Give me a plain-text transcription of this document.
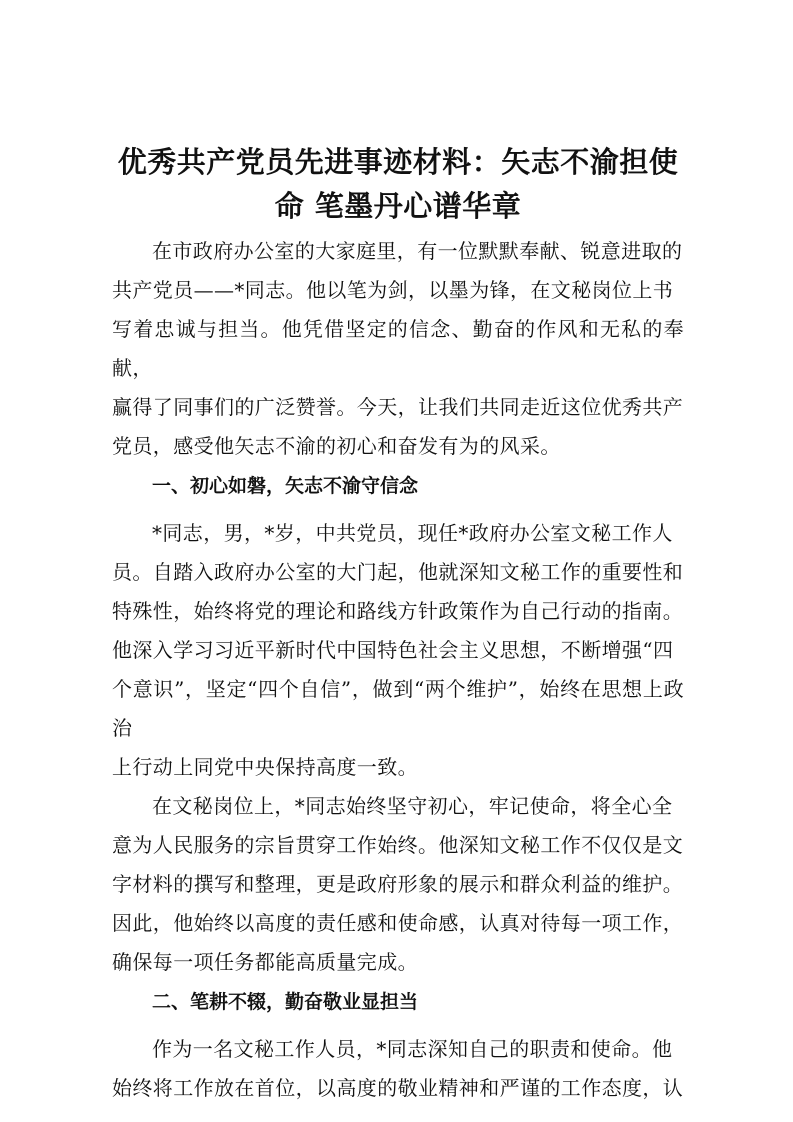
优秀共产党员先进事迹材料：矢志不渝担使
命 笔墨丹心谱华章

在市政府办公室的大家庭里，有一位默默奉献、锐意进取的
共产党员——*同志。他以笔为剑，以墨为锋，在文秘岗位上书
写着忠诚与担当。他凭借坚定的信念、勤奋的作风和无私的奉献，
赢得了同事们的广泛赞誉。今天，让我们共同走近这位优秀共产
党员，感受他矢志不渝的初心和奋发有为的风采。

一、初心如磐，矢志不渝守信念

*同志，男，*岁，中共党员，现任*政府办公室文秘工作人
员。自踏入政府办公室的大门起，他就深知文秘工作的重要性和
特殊性，始终将党的理论和路线方针政策作为自己行动的指南。
他深入学习习近平新时代中国特色社会主义思想，不断增强“四
个意识”，坚定“四个自信”，做到“两个维护”，始终在思想上政治
上行动上同党中央保持高度一致。

在文秘岗位上，*同志始终坚守初心，牢记使命，将全心全
意为人民服务的宗旨贯穿工作始终。他深知文秘工作不仅仅是文
字材料的撰写和整理，更是政府形象的展示和群众利益的维护。
因此，他始终以高度的责任感和使命感，认真对待每一项工作，
确保每一项任务都能高质量完成。

二、笔耕不辍，勤奋敬业显担当

作为一名文秘工作人员，*同志深知自己的职责和使命。他
始终将工作放在首位，以高度的敬业精神和严谨的工作态度，认
